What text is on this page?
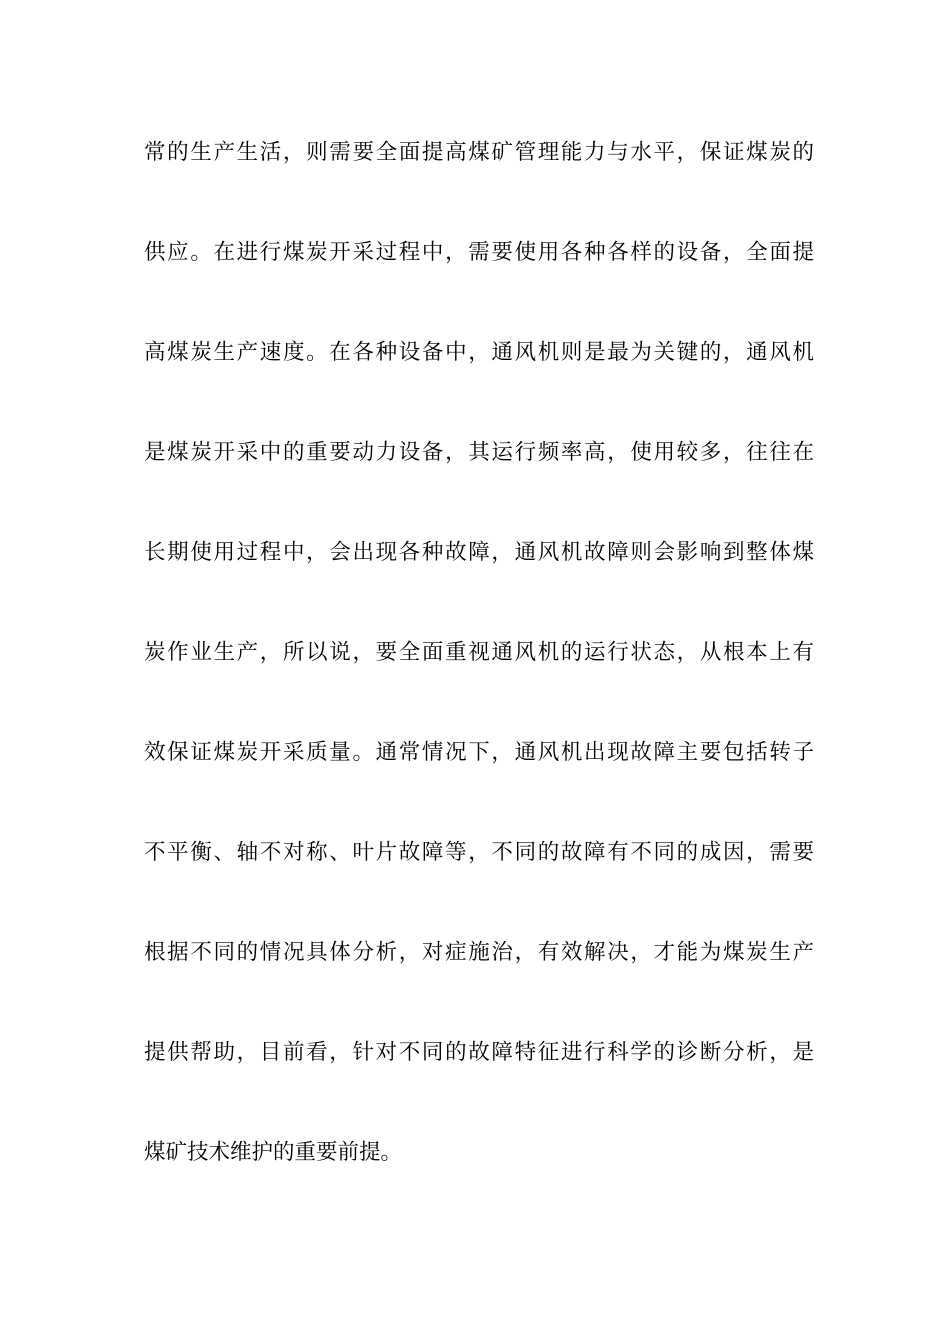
常的生产生活，则需要全面提高煤矿管理能力与水平，保证煤炭的
供应。在进行煤炭开采过程中，需要使用各种各样的设备，全面提
高煤炭生产速度。在各种设备中，通风机则是最为关键的，通风机
是煤炭开采中的重要动力设备，其运行频率高，使用较多，往往在
长期使用过程中，会出现各种故障，通风机故障则会影响到整体煤
炭作业生产，所以说，要全面重视通风机的运行状态，从根本上有
效保证煤炭开采质量。通常情况下，通风机出现故障主要包括转子
不平衡、轴不对称、叶片故障等，不同的故障有不同的成因，需要
根据不同的情况具体分析，对症施治，有效解决，才能为煤炭生产
提供帮助，目前看，针对不同的故障特征进行科学的诊断分析，是
煤矿技术维护的重要前提。
